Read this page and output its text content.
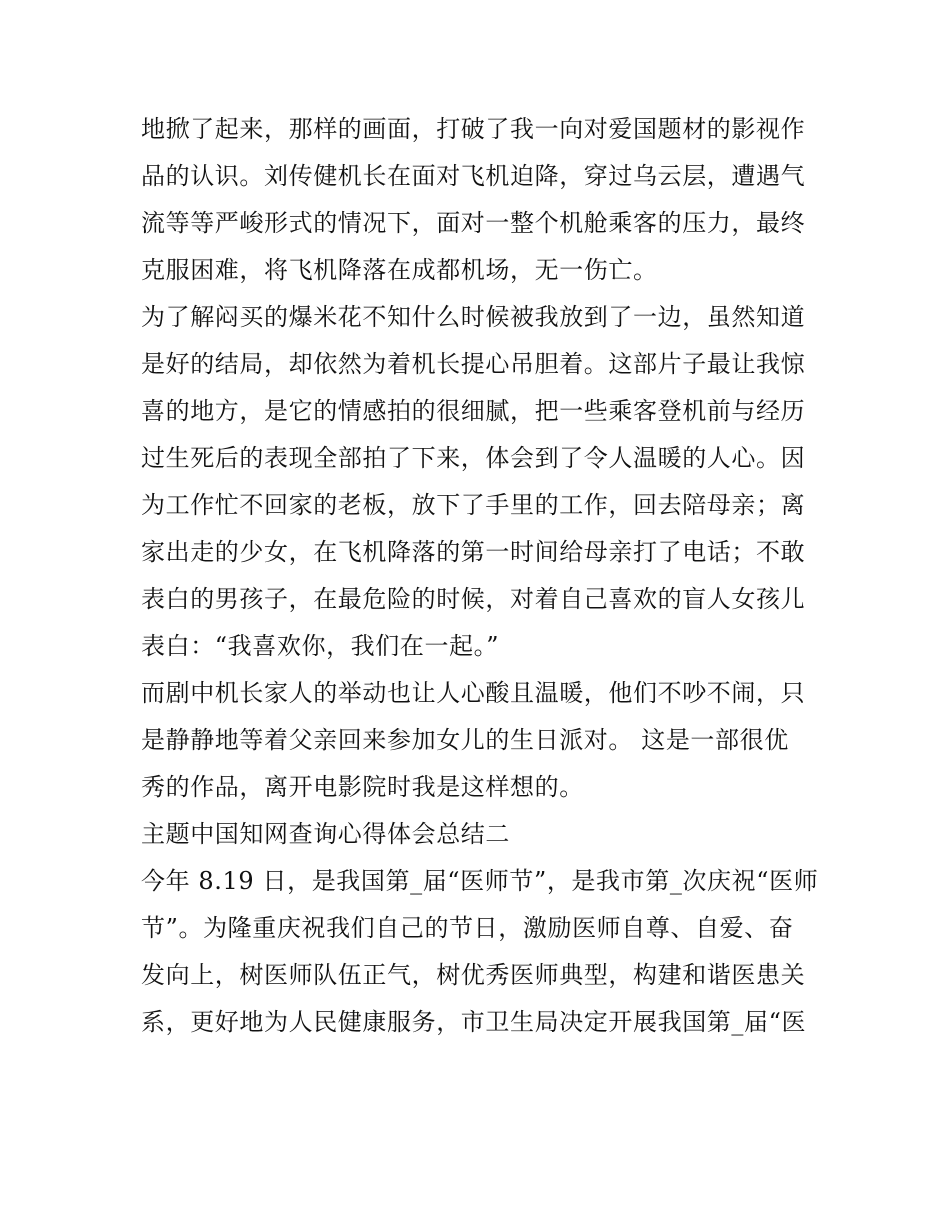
地掀了起来，那样的画面，打破了我一向对爱国题材的影视作
品的认识。刘传健机长在面对飞机迫降，穿过乌云层，遭遇气
流等等严峻形式的情况下，面对一整个机舱乘客的压力，最终
克服困难，将飞机降落在成都机场，无一伤亡。
为了解闷买的爆米花不知什么时候被我放到了一边，虽然知道
是好的结局，却依然为着机长提心吊胆着。这部片子最让我惊
喜的地方，是它的情感拍的很细腻，把一些乘客登机前与经历
过生死后的表现全部拍了下来，体会到了令人温暖的人心。因
为工作忙不回家的老板，放下了手里的工作，回去陪母亲；离
家出走的少女，在飞机降落的第一时间给母亲打了电话；不敢
表白的男孩子，在最危险的时候，对着自己喜欢的盲人女孩儿
表白：“我喜欢你，我们在一起。”
而剧中机长家人的举动也让人心酸且温暖，他们不吵不闹，只
是静静地等着父亲回来参加女儿的生日派对。 这是一部很优
秀的作品，离开电影院时我是这样想的。
主题中国知网查询心得体会总结二
今年 8.19 日，是我国第_届“医师节”，是我市第_次庆祝“医师
节”。为隆重庆祝我们自己的节日，激励医师自尊、自爱、奋
发向上，树医师队伍正气，树优秀医师典型，构建和谐医患关
系，更好地为人民健康服务，市卫生局决定开展我国第_届“医
